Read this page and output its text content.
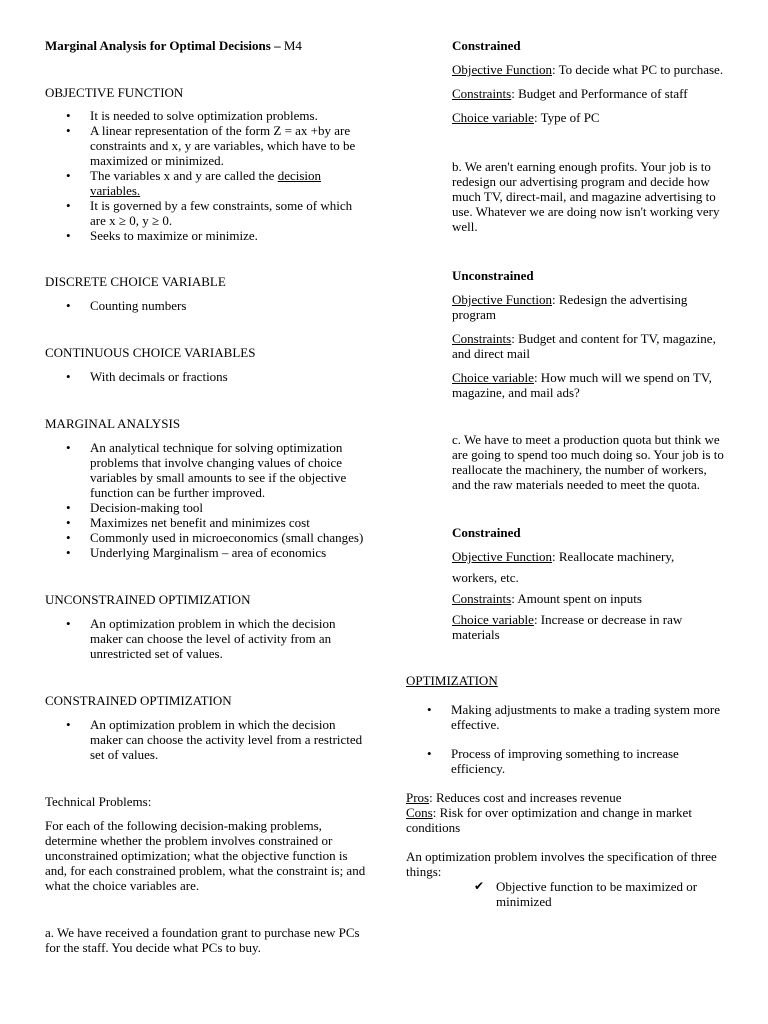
Marginal Analysis for Optimal Decisions – M4

OBJECTIVE FUNCTION

• It is needed to solve optimization problems.
• A linear representation of the form Z = ax +by are constraints and x, y are variables, which have to be maximized or minimized.
• The variables x and y are called the decision variables.
• It is governed by a few constraints, some of which are x ≥ 0, y ≥ 0.
• Seeks to maximize or minimize.

DISCRETE CHOICE VARIABLE

• Counting numbers

CONTINUOUS CHOICE VARIABLES

• With decimals or fractions

MARGINAL ANALYSIS

• An analytical technique for solving optimization problems that involve changing values of choice variables by small amounts to see if the objective function can be further improved.
• Decision-making tool
• Maximizes net benefit and minimizes cost
• Commonly used in microeconomics (small changes)
• Underlying Marginalism – area of economics

UNCONSTRAINED OPTIMIZATION

• An optimization problem in which the decision maker can choose the level of activity from an unrestricted set of values.

CONSTRAINED OPTIMIZATION

• An optimization problem in which the decision maker can choose the activity level from a restricted set of values.

Technical Problems:

For each of the following decision-making problems, determine whether the problem involves constrained or unconstrained optimization; what the objective function is and, for each constrained problem, what the constraint is; and what the choice variables are.

a. We have received a foundation grant to purchase new PCs for the staff. You decide what PCs to buy.

Constrained

Objective Function: To decide what PC to purchase.

Constraints: Budget and Performance of staff

Choice variable: Type of PC

b. We aren't earning enough profits. Your job is to redesign our advertising program and decide how much TV, direct-mail, and magazine advertising to use. Whatever we are doing now isn't working very well.

Unconstrained

Objective Function: Redesign the advertising program

Constraints: Budget and content for TV, magazine, and direct mail

Choice variable: How much will we spend on TV, magazine, and mail ads?

c. We have to meet a production quota but think we are going to spend too much doing so. Your job is to reallocate the machinery, the number of workers, and the raw materials needed to meet the quota.

Constrained

Objective Function: Reallocate machinery,

workers, etc.

Constraints: Amount spent on inputs

Choice variable: Increase or decrease in raw materials

OPTIMIZATION

• Making adjustments to make a trading system more effective.
• Process of improving something to increase efficiency.

Pros: Reduces cost and increases revenue

Cons: Risk for over optimization and change in market conditions

An optimization problem involves the specification of three things:

✔ Objective function to be maximized or minimized
